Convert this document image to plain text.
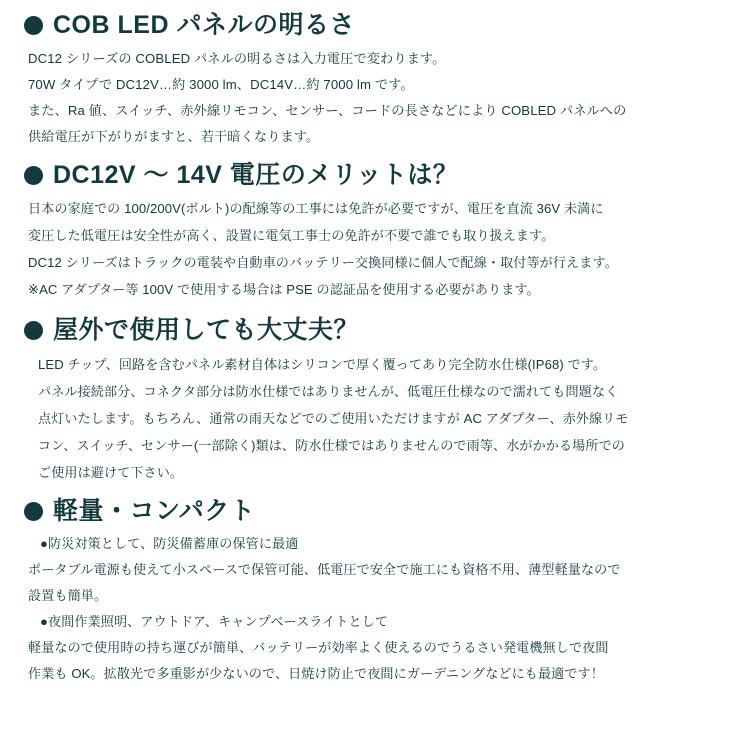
COB LED パネルの明るさ
DC12 シリーズの COBLED パネルの明るさは入力電圧で変わります。
70W タイプで DC12V…約 3000 lm、DC14V…約 7000 lm です。
また、Ra 値、スイッチ、赤外線リモコン、センサー、コードの長さなどにより COBLED パネルへの
供給電圧が下がりがますと、若干暗くなります。
DC12V 〜 14V 電圧のメリットは？
日本の家庭での 100/200V(ボルト)の配線等の工事には免許が必要ですが、電圧を直流 36V 未満に
変圧した低電圧は安全性が高く、設置に電気工事士の免許が不要で誰でも取り扱えます。
DC12 シリーズはトラックの電装や自動車のバッテリー交換同様に個人で配線・取付等が行えます。
※AC アダプター等 100V で使用する場合は PSE の認証品を使用する必要があります。
屋外で使用しても大丈夫？
LED チップ、回路を含むパネル素材自体はシリコンで厚く覆ってあり完全防水仕様(IP68) です。
パネル接続部分、コネクタ部分は防水仕様ではありませんが、低電圧仕様なので濡れても問題なく
点灯いたします。もちろん、通常の雨天などでのご使用いただけますが AC アダプター、赤外線リモ
コン、スイッチ、センサー(一部除く)類は、防水仕様ではありませんので雨等、水がかかる場所での
ご使用は避けて下さい。
軽量・コンパクト
●防災対策として、防災備蓄庫の保管に最適
ポータブル電源も使えて小スペースで保管可能、低電圧で安全で施工にも資格不用、薄型軽量なので
設置も簡単。
●夜間作業照明、アウトドア、キャンプベースライトとして
軽量なので使用時の持ち運びが簡単、バッテリーが効率よく使えるのでうるさい発電機無しで夜間
作業も OK。拡散光で多重影が少ないので、日焼け防止で夜間にガーデニングなどにも最適です！
